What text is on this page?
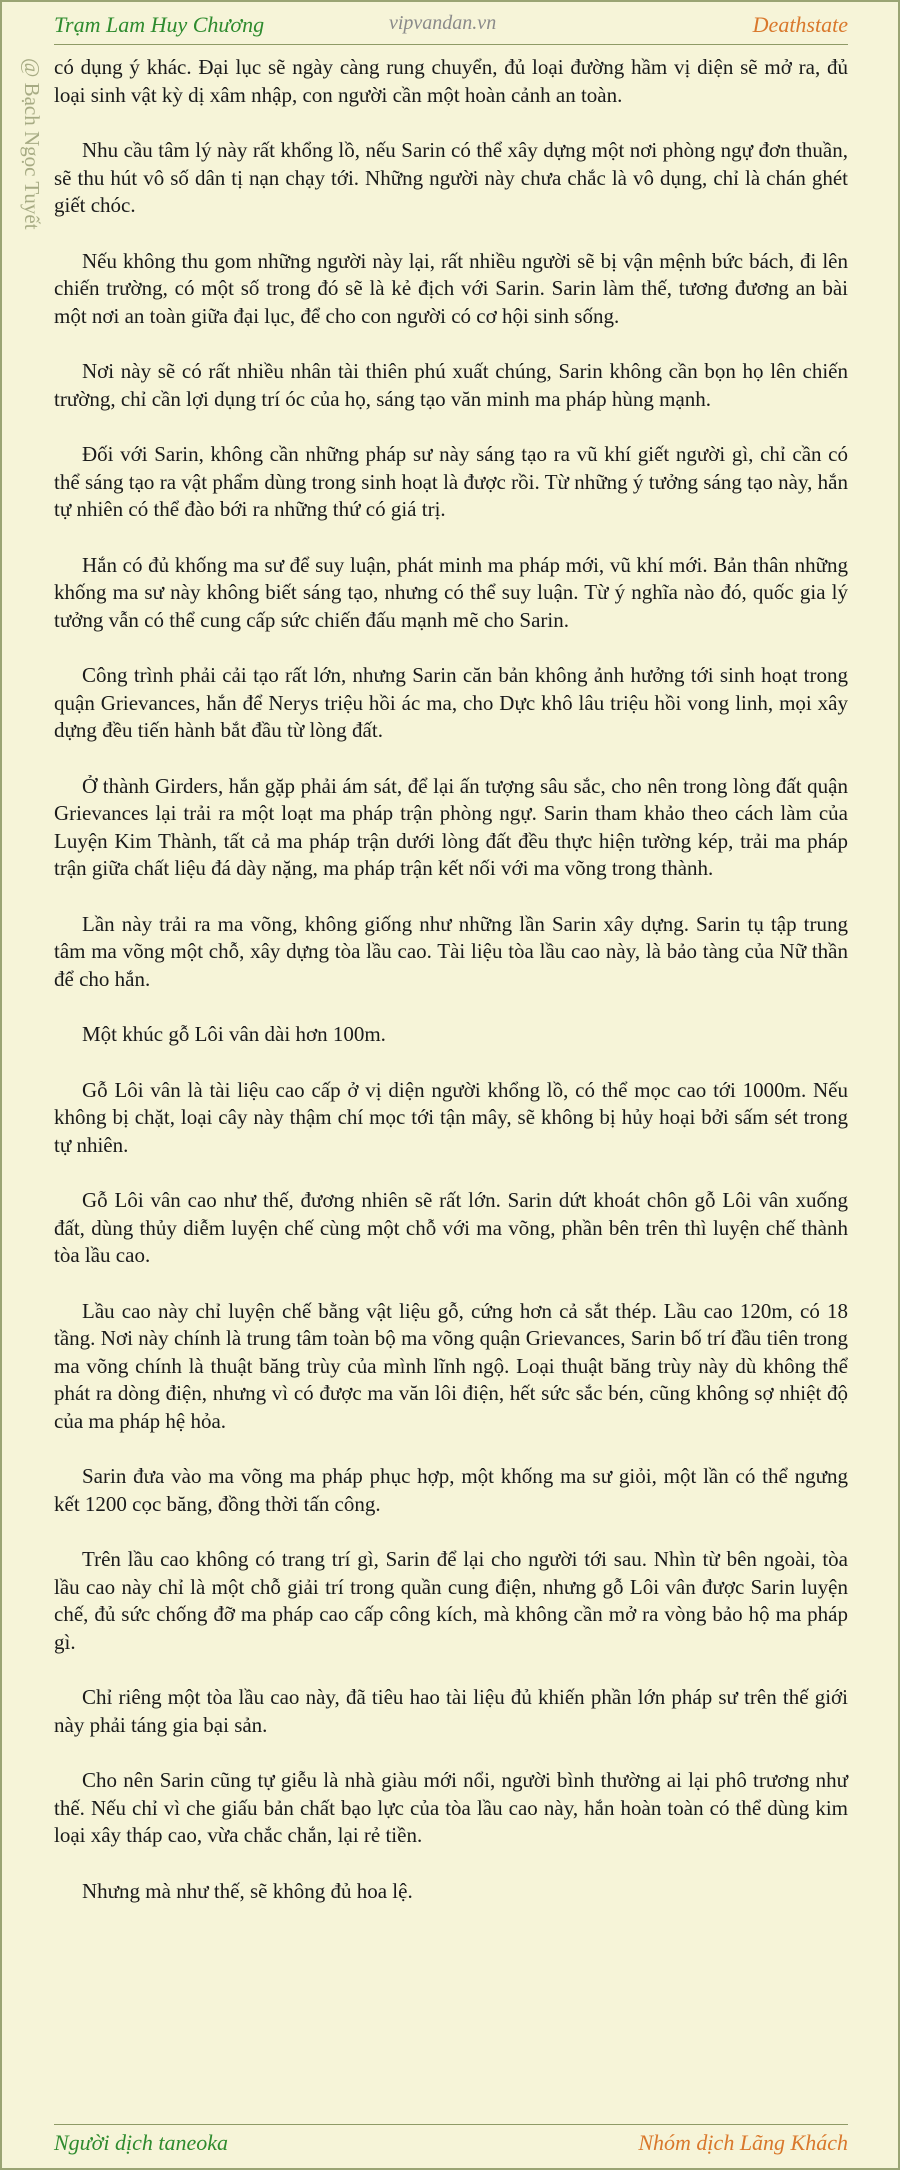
Trạm Lam Huy Chương	vipvandan.vn	Deathstate
@ Bạch Ngọc Tuyết có dụng ý khác. Đại lục sẽ ngày càng rung chuyển, đủ loại đường hầm vị diện sẽ mở ra, đủ loại sinh vật kỳ dị xâm nhập, con người cần một hoàn cảnh an toàn.

Nhu cầu tâm lý này rất khổng lồ, nếu Sarin có thể xây dựng một nơi phòng ngự đơn thuần, sẽ thu hút vô số dân tị nạn chạy tới. Những người này chưa chắc là vô dụng, chỉ là chán ghét giết chóc.

Nếu không thu gom những người này lại, rất nhiều người sẽ bị vận mệnh bức bách, đi lên chiến trường, có một số trong đó sẽ là kẻ địch với Sarin. Sarin làm thế, tương đương an bài một nơi an toàn giữa đại lục, để cho con người có cơ hội sinh sống.

Nơi này sẽ có rất nhiều nhân tài thiên phú xuất chúng, Sarin không cần bọn họ lên chiến trường, chỉ cần lợi dụng trí óc của họ, sáng tạo văn minh ma pháp hùng mạnh.

Đối với Sarin, không cần những pháp sư này sáng tạo ra vũ khí giết người gì, chỉ cần có thể sáng tạo ra vật phẩm dùng trong sinh hoạt là được rồi. Từ những ý tưởng sáng tạo này, hắn tự nhiên có thể đào bới ra những thứ có giá trị.

Hắn có đủ khống ma sư để suy luận, phát minh ma pháp mới, vũ khí mới. Bản thân những khống ma sư này không biết sáng tạo, nhưng có thể suy luận. Từ ý nghĩa nào đó, quốc gia lý tưởng vẫn có thể cung cấp sức chiến đấu mạnh mẽ cho Sarin.

Công trình phải cải tạo rất lớn, nhưng Sarin căn bản không ảnh hưởng tới sinh hoạt trong quận Grievances, hắn để Nerys triệu hồi ác ma, cho Dực khô lâu triệu hồi vong linh, mọi xây dựng đều tiến hành bắt đầu từ lòng đất.

Ở thành Girders, hắn gặp phải ám sát, để lại ấn tượng sâu sắc, cho nên trong lòng đất quận Grievances lại trải ra một loạt ma pháp trận phòng ngự. Sarin tham khảo theo cách làm của Luyện Kim Thành, tất cả ma pháp trận dưới lòng đất đều thực hiện tường kép, trải ma pháp trận giữa chất liệu đá dày nặng, ma pháp trận kết nối với ma võng trong thành.

Lần này trải ra ma võng, không giống như những lần Sarin xây dựng. Sarin tụ tập trung tâm ma võng một chỗ, xây dựng tòa lầu cao. Tài liệu tòa lầu cao này, là bảo tàng của Nữ thần để cho hắn.

Một khúc gỗ Lôi vân dài hơn 100m.

Gỗ Lôi vân là tài liệu cao cấp ở vị diện người khổng lồ, có thể mọc cao tới 1000m. Nếu không bị chặt, loại cây này thậm chí mọc tới tận mây, sẽ không bị hủy hoại bởi sấm sét trong tự nhiên.

Gỗ Lôi vân cao như thế, đương nhiên sẽ rất lớn. Sarin dứt khoát chôn gỗ Lôi vân xuống đất, dùng thủy diễm luyện chế cùng một chỗ với ma võng, phần bên trên thì luyện chế thành tòa lầu cao.

Lầu cao này chỉ luyện chế bằng vật liệu gỗ, cứng hơn cả sắt thép. Lầu cao 120m, có 18 tầng. Nơi này chính là trung tâm toàn bộ ma võng quận Grievances, Sarin bố trí đầu tiên trong ma võng chính là thuật băng trùy của mình lĩnh ngộ. Loại thuật băng trùy này dù không thể phát ra dòng điện, nhưng vì có được ma văn lôi điện, hết sức sắc bén, cũng không sợ nhiệt độ của ma pháp hệ hỏa.

Sarin đưa vào ma võng ma pháp phục hợp, một khống ma sư giỏi, một lần có thể ngưng kết 1200 cọc băng, đồng thời tấn công.

Trên lầu cao không có trang trí gì, Sarin để lại cho người tới sau. Nhìn từ bên ngoài, tòa lầu cao này chỉ là một chỗ giải trí trong quần cung điện, nhưng gỗ Lôi vân được Sarin luyện chế, đủ sức chống đỡ ma pháp cao cấp công kích, mà không cần mở ra vòng bảo hộ ma pháp gì.

Chỉ riêng một tòa lầu cao này, đã tiêu hao tài liệu đủ khiến phần lớn pháp sư trên thế giới này phải táng gia bại sản.

Cho nên Sarin cũng tự giễu là nhà giàu mới nổi, người bình thường ai lại phô trương như thế. Nếu chỉ vì che giấu bản chất bạo lực của tòa lầu cao này, hắn hoàn toàn có thể dùng kim loại xây tháp cao, vừa chắc chắn, lại rẻ tiền.

Nhưng mà như thế, sẽ không đủ hoa lệ.

Người dịch taneoka	Nhóm dịch Lãng Khách
